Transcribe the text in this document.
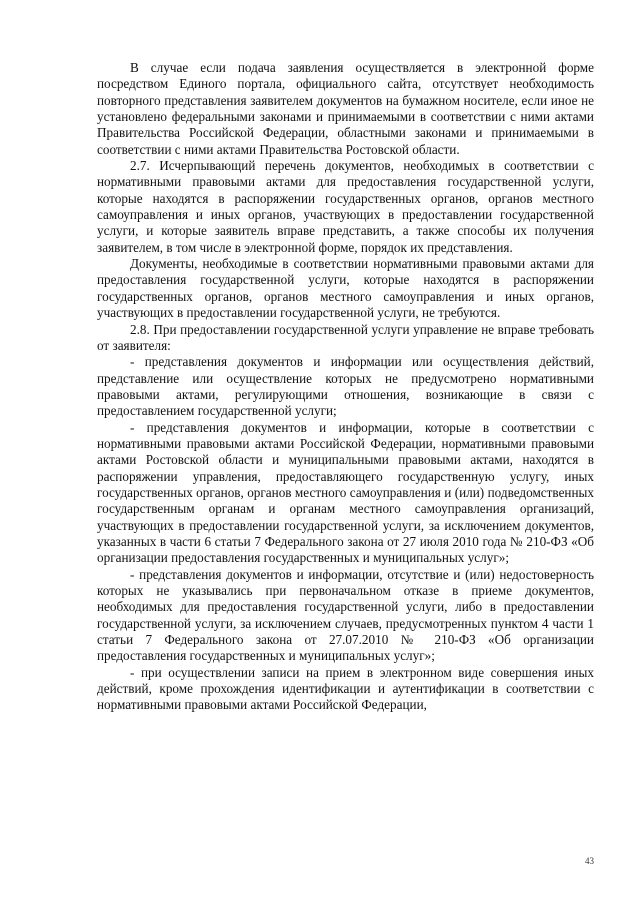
В случае если подача заявления осуществляется в электронной форме посредством Единого портала, официального сайта, отсутствует необходимость повторного представления заявителем документов на бумажном носителе, если иное не установлено федеральными законами и принимаемыми в соответствии с ними актами Правительства Российской Федерации, областными законами и принимаемыми в соответствии с ними актами Правительства Ростовской области.

2.7. Исчерпывающий перечень документов, необходимых в соответствии с нормативными правовыми актами для предоставления государственной услуги, которые находятся в распоряжении государственных органов, органов местного самоуправления и иных органов, участвующих в предоставлении государственной услуги, и которые заявитель вправе представить, а также способы их получения заявителем, в том числе в электронной форме, порядок их представления.

Документы, необходимые в соответствии нормативными правовыми актами для предоставления государственной услуги, которые находятся в распоряжении государственных органов, органов местного самоуправления и иных органов, участвующих в предоставлении государственной услуги, не требуются.

2.8. При предоставлении государственной услуги управление не вправе требовать от заявителя:

- представления документов и информации или осуществления действий, представление или осуществление которых не предусмотрено нормативными правовыми актами, регулирующими отношения, возникающие в связи с предоставлением государственной услуги;

- представления документов и информации, которые в соответствии с нормативными правовыми актами Российской Федерации, нормативными правовыми актами Ростовской области и муниципальными правовыми актами, находятся в распоряжении управления, предоставляющего государственную услугу, иных государственных органов, органов местного самоуправления и (или) подведомственных государственным органам и органам местного самоуправления организаций, участвующих в предоставлении государственной услуги, за исключением документов, указанных в части 6 статьи 7 Федерального закона от 27 июля 2010 года № 210-ФЗ «Об организации предоставления государственных и муниципальных услуг»;

- представления документов и информации, отсутствие и (или) недостоверность которых не указывались при первоначальном отказе в приеме документов, необходимых для предоставления государственной услуги, либо в предоставлении государственной услуги, за исключением случаев, предусмотренных пунктом 4 части 1 статьи 7 Федерального закона от 27.07.2010 № 210-ФЗ «Об организации предоставления государственных и муниципальных услуг»;

- при осуществлении записи на прием в электронном виде совершения иных действий, кроме прохождения идентификации и аутентификации в соответствии с нормативными правовыми актами Российской Федерации,

43
